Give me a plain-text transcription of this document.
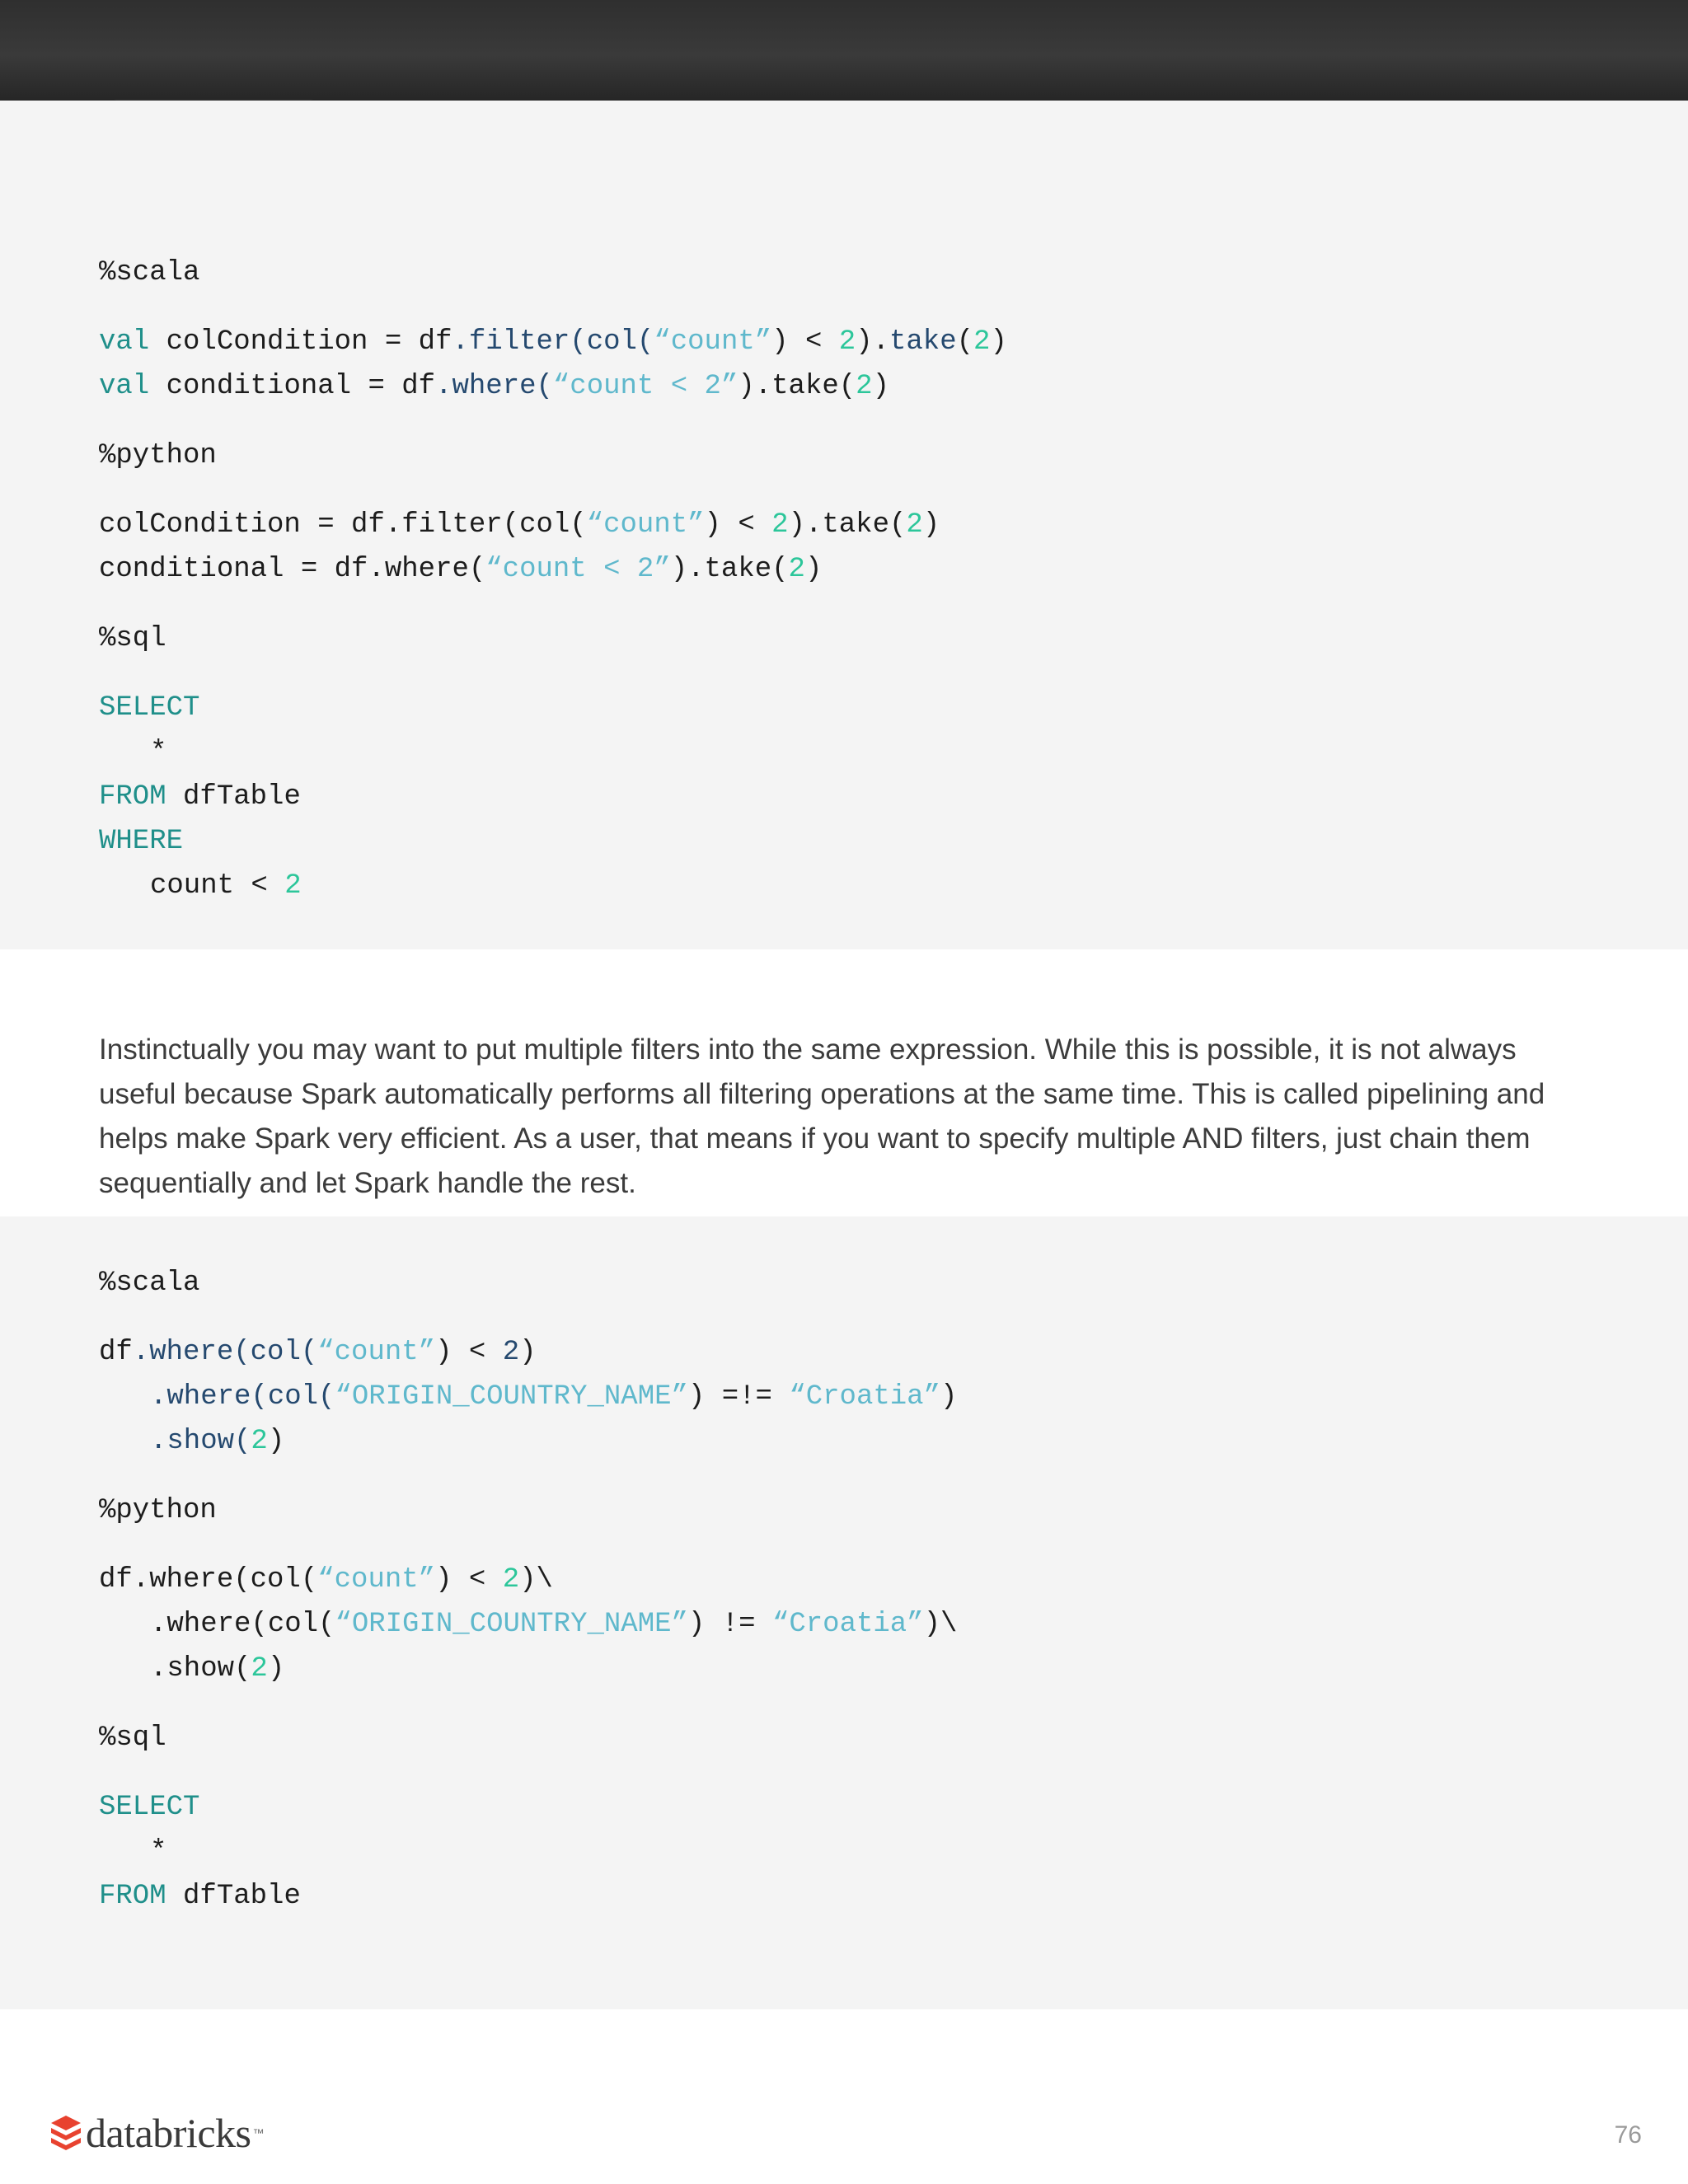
%scala
val colCondition = df.filter(col(“count”) < 2).take(2)
val conditional = df.where(“count < 2”).take(2)
%python
colCondition = df.filter(col(“count”) < 2).take(2)
conditional = df.where(“count < 2”).take(2)
%sql
SELECT
*
FROM dfTable
WHERE
count < 2

Instinctually you may want to put multiple filters into the same expression. While this is possible, it is not always useful because Spark automatically performs all filtering operations at the same time. This is called pipelining and helps make Spark very efficient. As a user, that means if you want to specify multiple AND filters, just chain them sequentially and let Spark handle the rest.

%scala
df.where(col(“count”) < 2)
.where(col(“ORIGIN_COUNTRY_NAME”) =!= “Croatia”)
.show(2)
%python
df.where(col(“count”) < 2)\
.where(col(“ORIGIN_COUNTRY_NAME”) != “Croatia”)\
.show(2)
%sql
SELECT
*
FROM dfTable
databricks ™	76
